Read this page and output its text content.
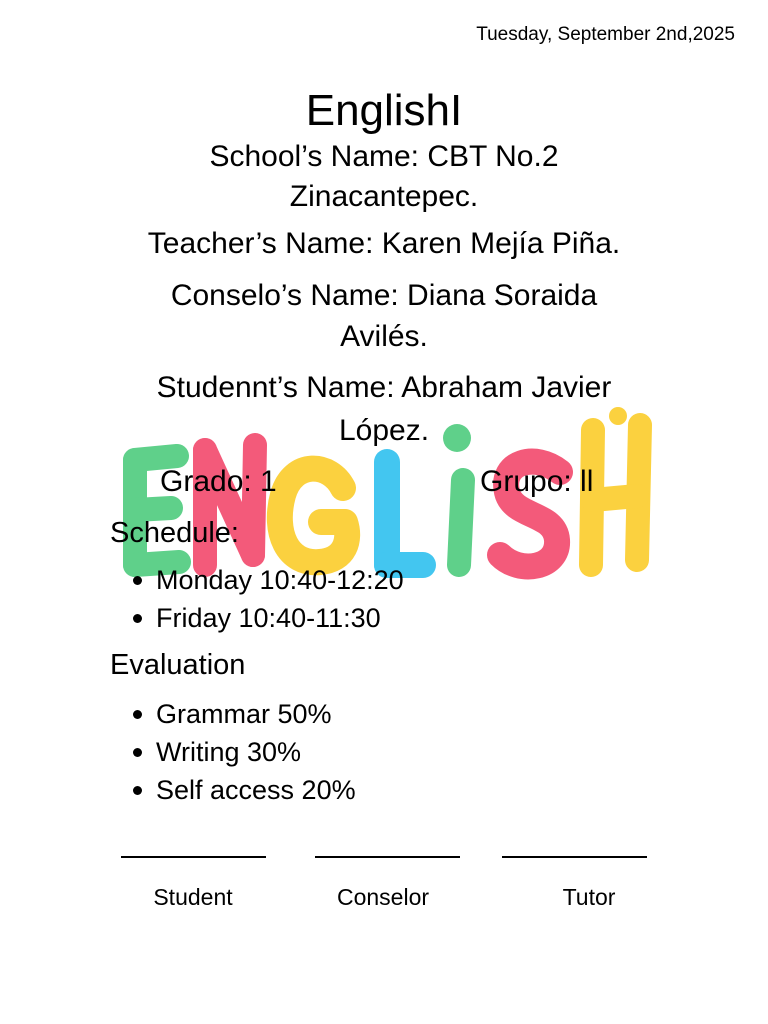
Tuesday, September 2nd,2025
EnglishI
School’s Name: CBT No.2
Zinacantepec.
Teacher’s Name: Karen Mejía Piña.
Conselo’s Name: Diana Soraida
Avilés.
Studennt’s Name: Abraham Javier
López.
Grado: 1	Grupo: ll
Schedule:
Monday 10:40-12:20
Friday 10:40-11:30
Evaluation
Grammar 50%
Writing 30%
Self access 20%
Student	Conselor	Tutor
